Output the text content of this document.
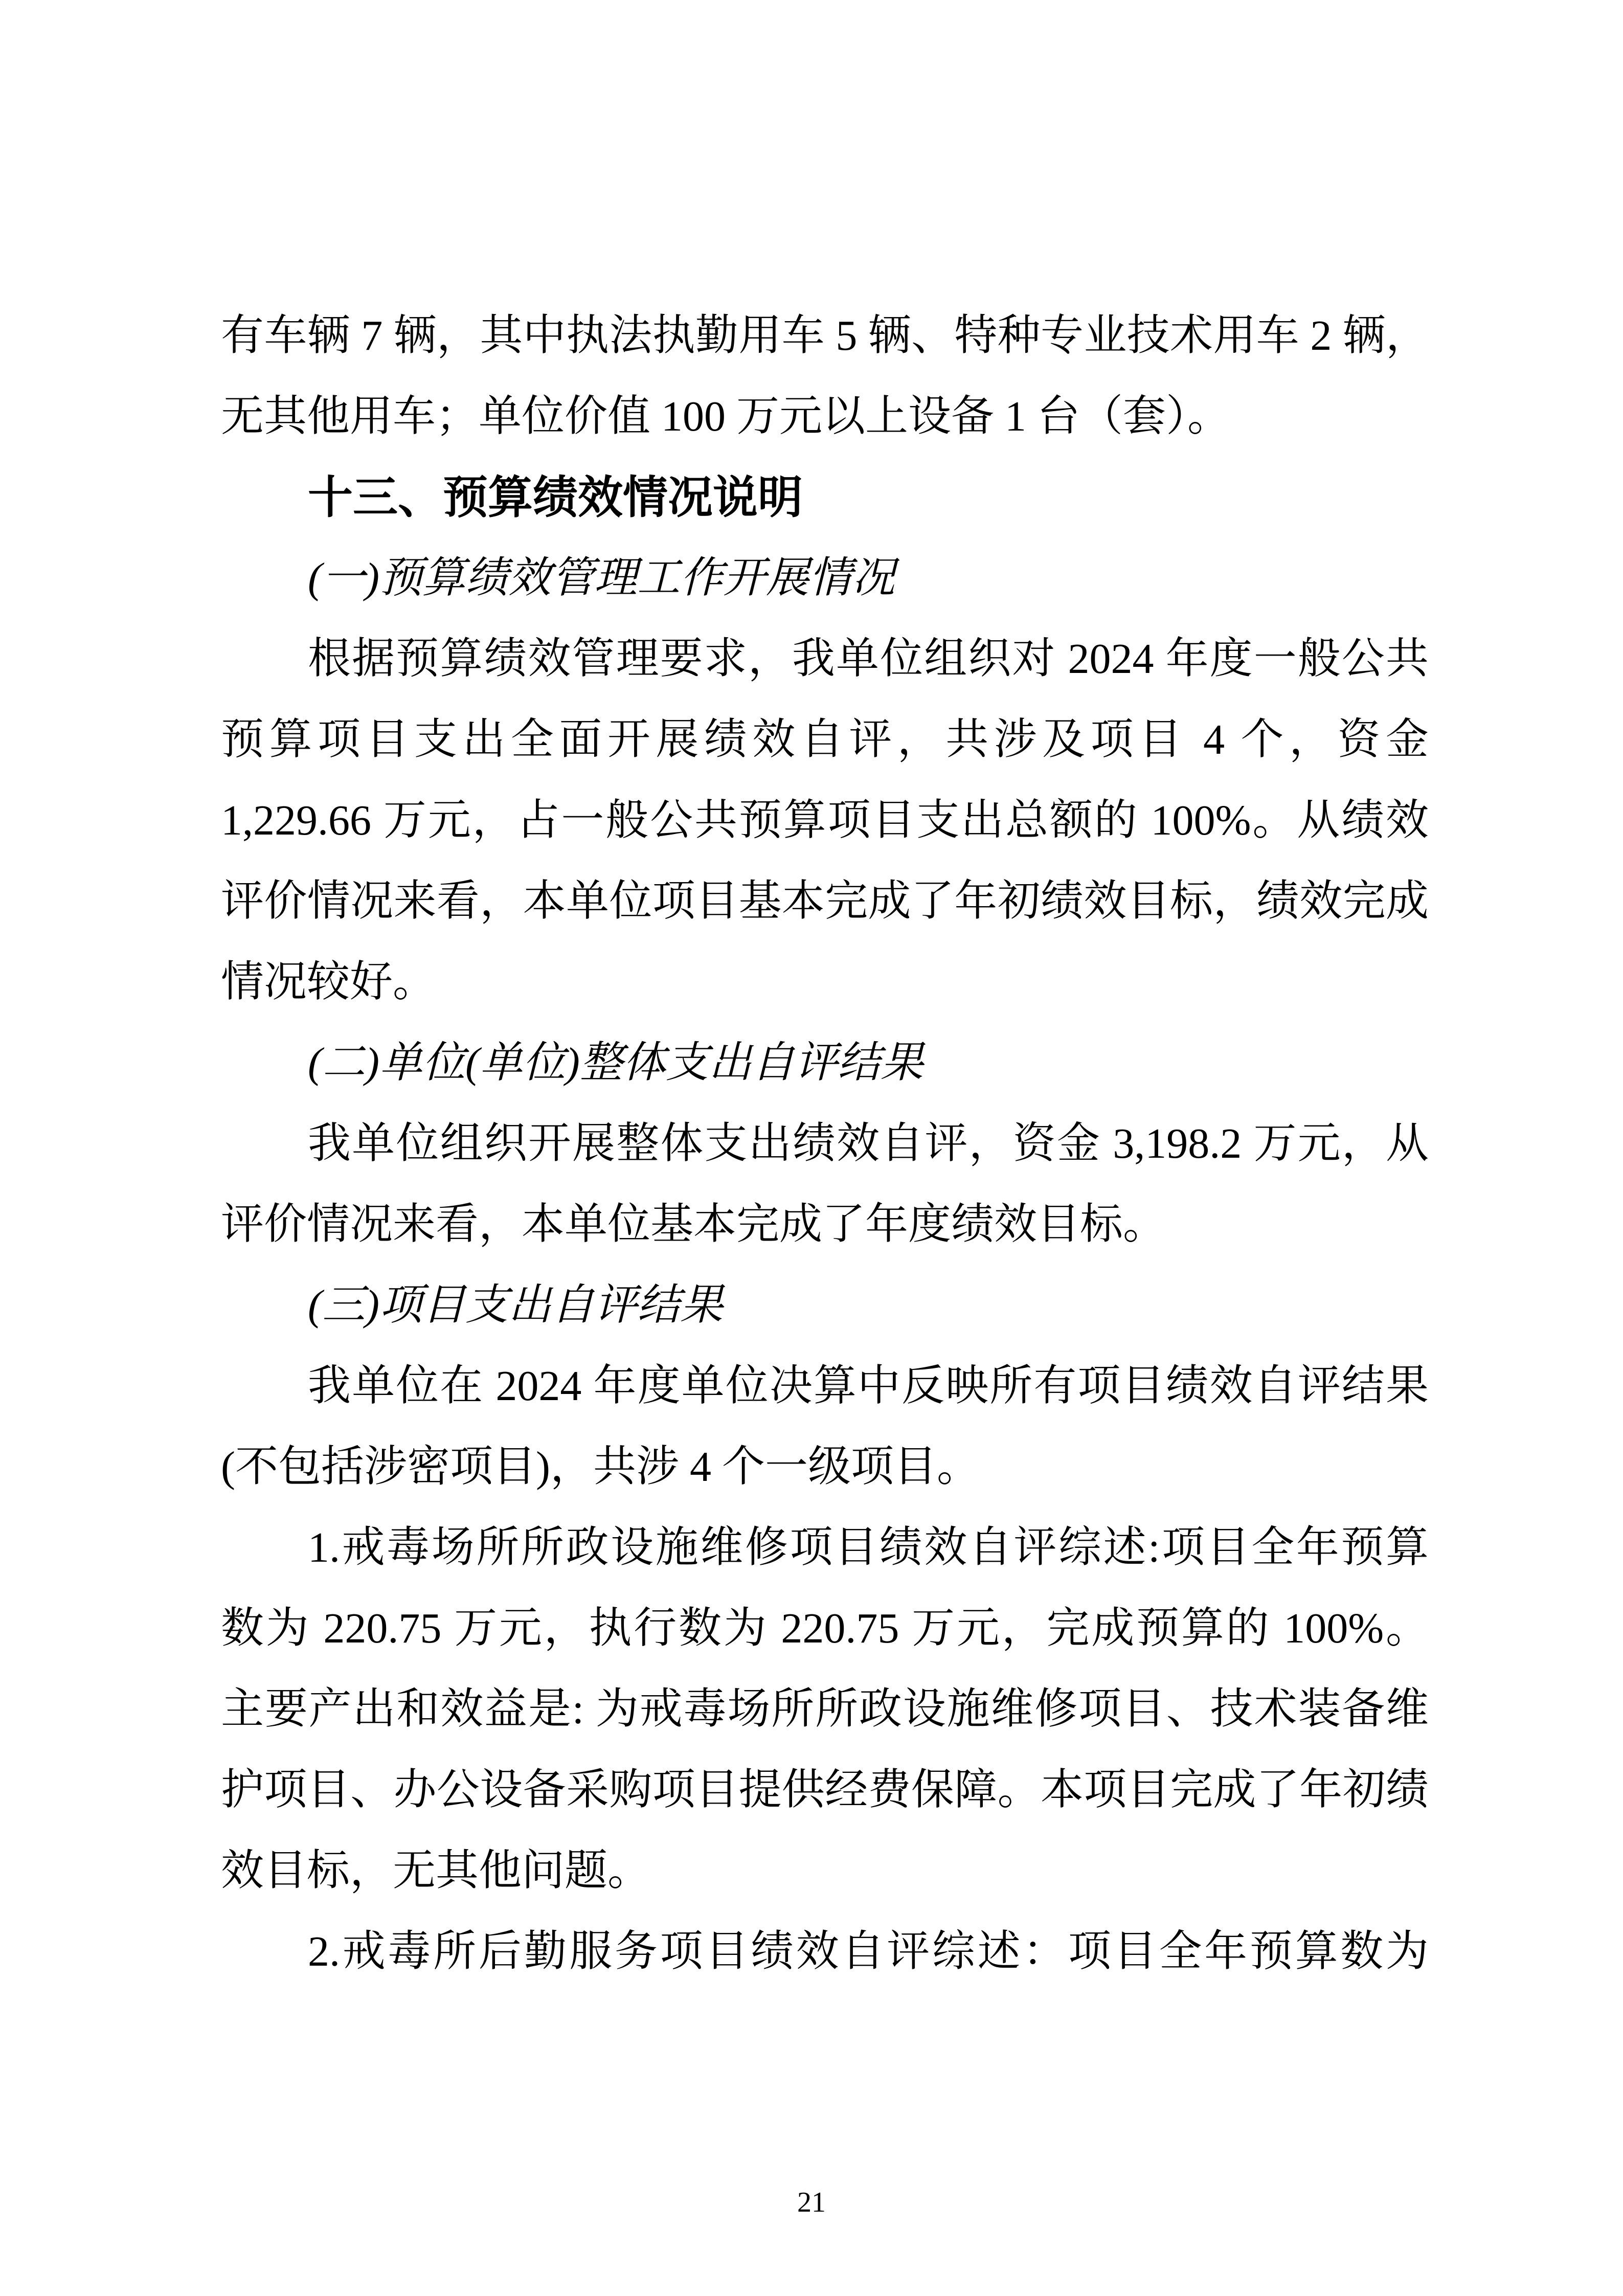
有车辆 7 辆，其中执法执勤用车 5 辆、特种专业技术用车 2 辆，
无其他用车；单位价值 100 万元以上设备 1 台（套）。
十三、预算绩效情况说明
(一)预算绩效管理工作开展情况
根据预算绩效管理要求，我单位组织对 2024 年度一般公共
预算项目支出全面开展绩效自评，共涉及项目 4 个，资金
1,229.66 万元，占一般公共预算项目支出总额的 100%。从绩效
评价情况来看，本单位项目基本完成了年初绩效目标，绩效完成
情况较好。
(二)单位(单位)整体支出自评结果
我单位组织开展整体支出绩效自评，资金 3,198.2 万元，从
评价情况来看，本单位基本完成了年度绩效目标。
(三)项目支出自评结果
我单位在 2024 年度单位决算中反映所有项目绩效自评结果
(不包括涉密项目)，共涉 4 个一级项目。
1.戒毒场所所政设施维修项目绩效自评综述:项目全年预算
数为 220.75 万元，执行数为 220.75 万元，完成预算的 100%。
主要产出和效益是: 为戒毒场所所政设施维修项目、技术装备维
护项目、办公设备采购项目提供经费保障。本项目完成了年初绩
效目标，无其他问题。
2.戒毒所后勤服务项目绩效自评综述：项目全年预算数为
21
